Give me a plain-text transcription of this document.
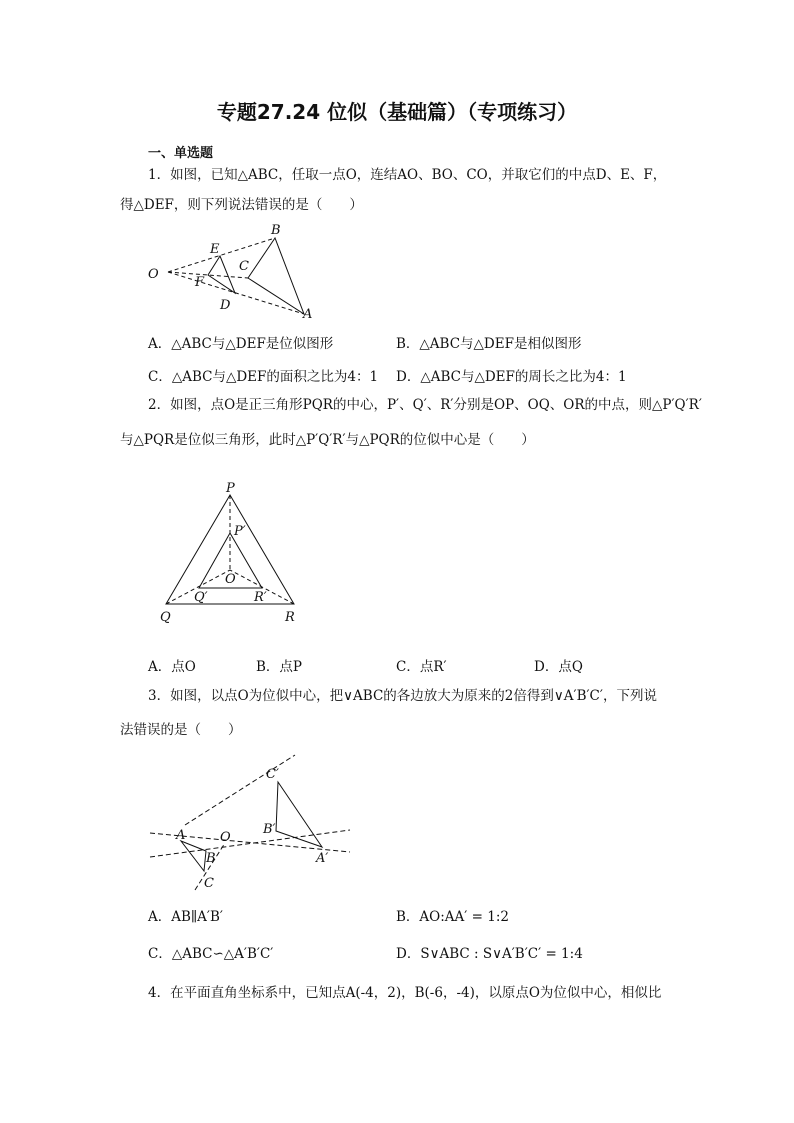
专题27.24 位似（基础篇）（专项练习）
一、单选题
1．如图，已知△ABC，任取一点O，连结AO、BO、CO，并取它们的中点D、E、F，
得△DEF，则下列说法错误的是（　　）
O
E
F
D
C
B
A
A．△ABC与△DEF是位似图形	B．△ABC与△DEF是相似图形
C．△ABC与△DEF的面积之比为4：1 D．△ABC与△DEF的周长之比为4：1
2．如图，点O是正三角形PQR的中心，P′、Q′、R′分别是OP、OQ、OR的中点，则△P′Q′R′
与△PQR是位似三角形，此时△P′Q′R′与△PQR的位似中心是（　　）
P
P′
O
Q′	R′
Q	R
A．点O	B．点P	C．点R′	D．点Q
3．如图，以点O为位似中心，把∨ABC的各边放大为原来的2倍得到∨A′B′C′，下列说
法错误的是（　　）
C′
B′
A	O
B
C
A′
A．AB∥A′B′	B．AO:AA′ = 1:2
C．△ABC∽△A′B′C′	D．S∨ABC : S∨A′B′C′ = 1:4
4．在平面直角坐标系中，已知点A(-4，2)，B(-6，-4)，以原点O为位似中心，相似比
